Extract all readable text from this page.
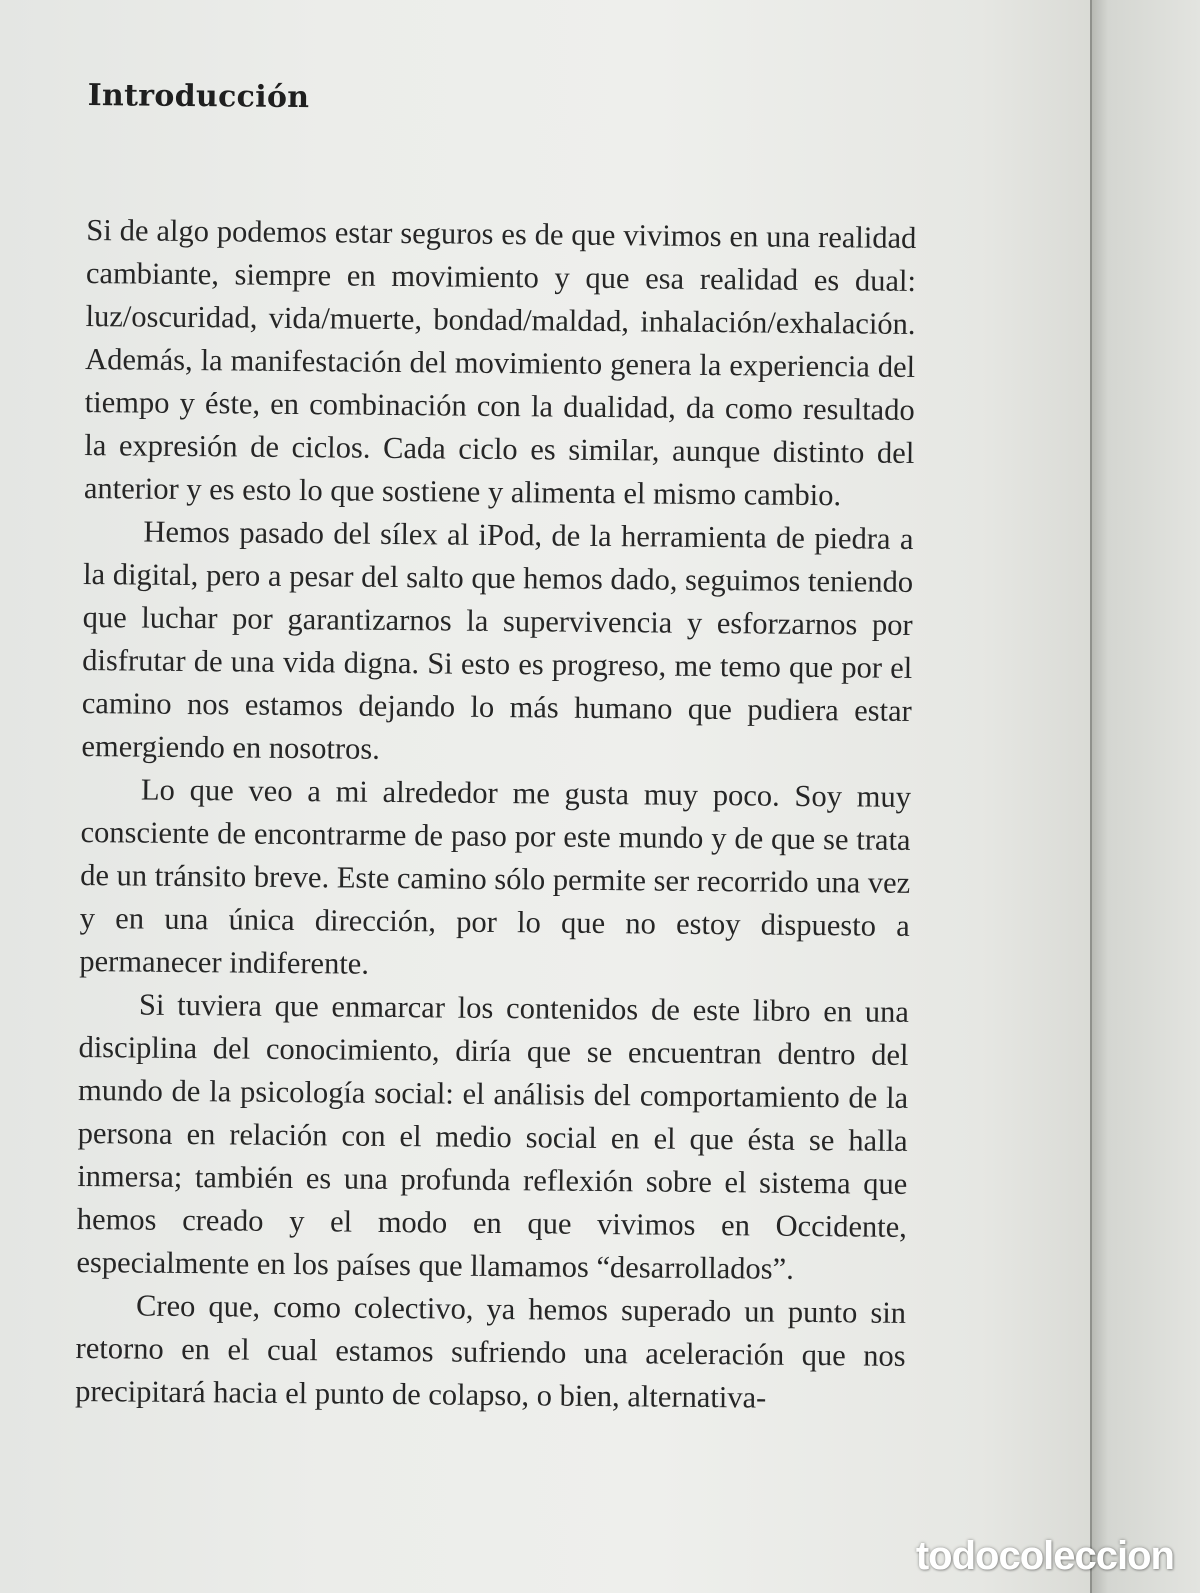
Introducción

Si de algo podemos estar seguros es de que vivimos en una realidad cambiante, siempre en movimiento y que esa realidad es dual: luz/oscuridad, vida/muerte, bondad/maldad, inhalación/exhalación. Además, la manifestación del movimiento genera la experiencia del tiempo y éste, en combinación con la dualidad, da como resultado la expresión de ciclos. Cada ciclo es similar, aunque distinto del anterior y es esto lo que sostiene y alimenta el mismo cambio.

Hemos pasado del sílex al iPod, de la herramienta de piedra a la digital, pero a pesar del salto que hemos dado, seguimos teniendo que luchar por garantizarnos la supervivencia y esforzarnos por disfrutar de una vida digna. Si esto es progreso, me temo que por el camino nos estamos dejando lo más humano que pudiera estar emergiendo en nosotros.

Lo que veo a mi alrededor me gusta muy poco. Soy muy consciente de encontrarme de paso por este mundo y de que se trata de un tránsito breve. Este camino sólo permite ser recorrido una vez y en una única dirección, por lo que no estoy dispuesto a permanecer indiferente.

Si tuviera que enmarcar los contenidos de este libro en una disciplina del conocimiento, diría que se encuentran dentro del mundo de la psicología social: el análisis del comportamiento de la persona en relación con el medio social en el que ésta se halla inmersa; también es una profunda reflexión sobre el sistema que hemos creado y el modo en que vivimos en Occidente, especialmente en los países que llamamos “desarrollados”.

Creo que, como colectivo, ya hemos superado un punto sin retorno en el cual estamos sufriendo una aceleración que nos precipitará hacia el punto de colapso, o bien, alternativa-

todocoleccion
